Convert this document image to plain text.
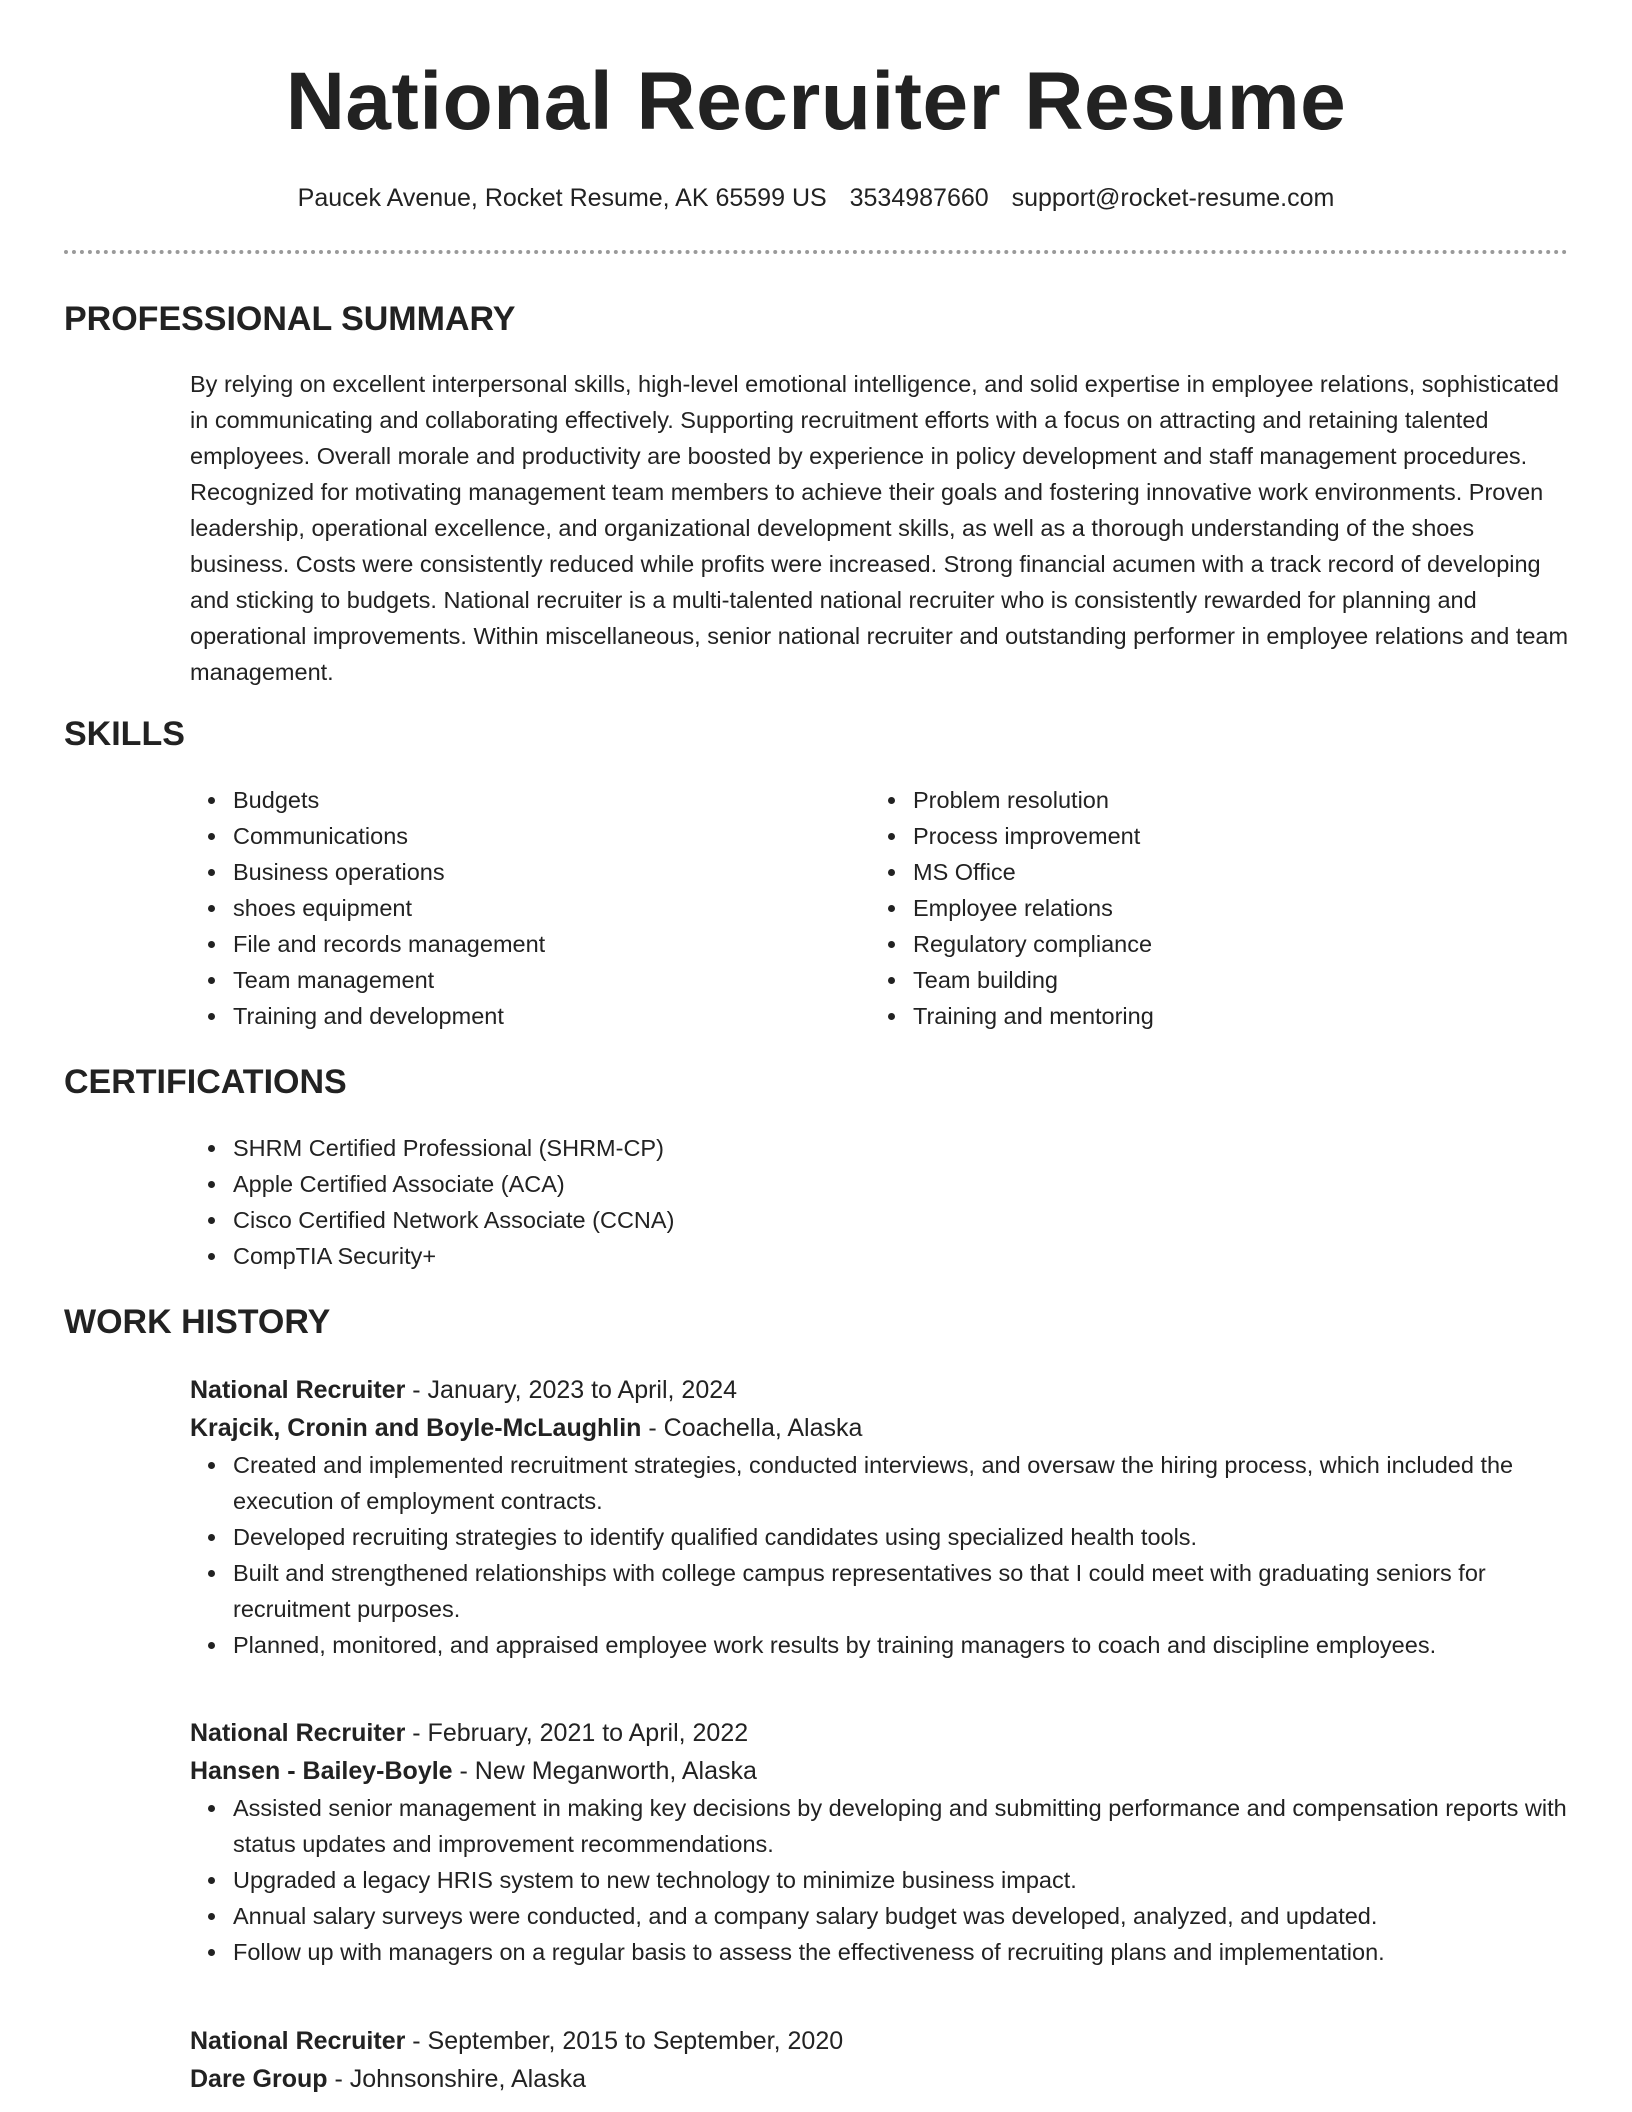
National Recruiter Resume
Paucek Avenue, Rocket Resume, AK 65599 US 3534987660 support@rocket-resume.com
PROFESSIONAL SUMMARY

By relying on excellent interpersonal skills, high-level emotional intelligence, and solid expertise in employee relations, sophisticated in communicating and collaborating effectively. Supporting recruitment efforts with a focus on attracting and retaining talented employees. Overall morale and productivity are boosted by experience in policy development and staff management procedures. Recognized for motivating management team members to achieve their goals and fostering innovative work environments. Proven leadership, operational excellence, and organizational development skills, as well as a thorough understanding of the shoes business. Costs were consistently reduced while profits were increased. Strong financial acumen with a track record of developing and sticking to budgets. National recruiter is a multi-talented national recruiter who is consistently rewarded for planning and operational improvements. Within miscellaneous, senior national recruiter and outstanding performer in employee relations and team management.

SKILLS
Budgets
Communications
Business operations
shoes equipment
File and records management
Team management
Training and development
Problem resolution
Process improvement
MS Office
Employee relations
Regulatory compliance
Team building
Training and mentoring
CERTIFICATIONS
SHRM Certified Professional (SHRM-CP)
Apple Certified Associate (ACA)
Cisco Certified Network Associate (CCNA)
CompTIA Security+
WORK HISTORY
National Recruiter - January, 2023 to April, 2024
Krajcik, Cronin and Boyle-McLaughlin - Coachella, Alaska
Created and implemented recruitment strategies, conducted interviews, and oversaw the hiring process, which included the execution of employment contracts.
Developed recruiting strategies to identify qualified candidates using specialized health tools.
Built and strengthened relationships with college campus representatives so that I could meet with graduating seniors for recruitment purposes.
Planned, monitored, and appraised employee work results by training managers to coach and discipline employees.
National Recruiter - February, 2021 to April, 2022
Hansen - Bailey-Boyle - New Meganworth, Alaska
Assisted senior management in making key decisions by developing and submitting performance and compensation reports with status updates and improvement recommendations.
Upgraded a legacy HRIS system to new technology to minimize business impact.
Annual salary surveys were conducted, and a company salary budget was developed, analyzed, and updated.
Follow up with managers on a regular basis to assess the effectiveness of recruiting plans and implementation.
National Recruiter - September, 2015 to September, 2020
Dare Group - Johnsonshire, Alaska
